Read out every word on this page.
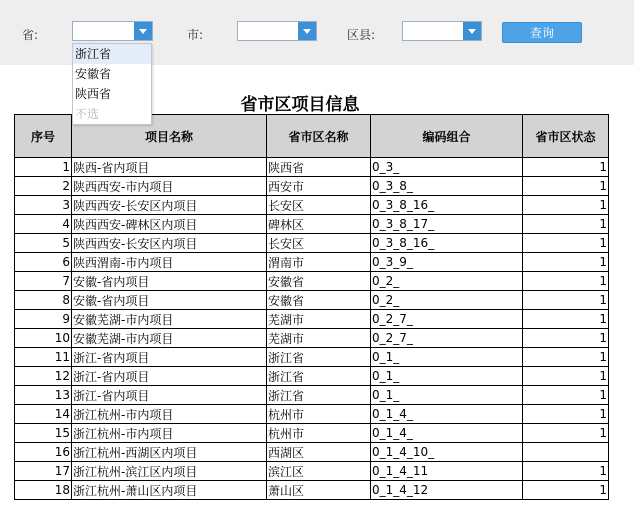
省:	市:	区县:	查询
浙江省
安徽省
陕西省
不选	省市区项目信息
序号	项目名称	省市区名称	编码组合	省市区状态
1	陕西-省内项目	陕西省	0_3_	1
2	陕西西安-市内项目	西安市	0_3_8_	1
3	陕西西安-长安区内项目	长安区	0_3_8_16_	1
4	陕西西安-碑林区内项目	碑林区	0_3_8_17_	1
5	陕西西安-长安区内项目	长安区	0_3_8_16_	1
6	陕西渭南-市内项目	渭南市	0_3_9_	1
7	安徽-省内项目	安徽省	0_2_	1
8	安徽-省内项目	安徽省	0_2_	1
9	安徽芜湖-市内项目	芜湖市	0_2_7_	1
10	安徽芜湖-市内项目	芜湖市	0_2_7_	1
11	浙江-省内项目	浙江省	0_1_	1
12	浙江-省内项目	浙江省	0_1_	1
13	浙江-省内项目	浙江省	0_1_	1
14	浙江杭州-市内项目	杭州市	0_1_4_	1
15	浙江杭州-市内项目	杭州市	0_1_4_	1
16	浙江杭州-西湖区内项目	西湖区	0_1_4_10_	
17	浙江杭州-滨江区内项目	滨江区	0_1_4_11	1
18	浙江杭州-萧山区内项目	萧山区	0_1_4_12	1
